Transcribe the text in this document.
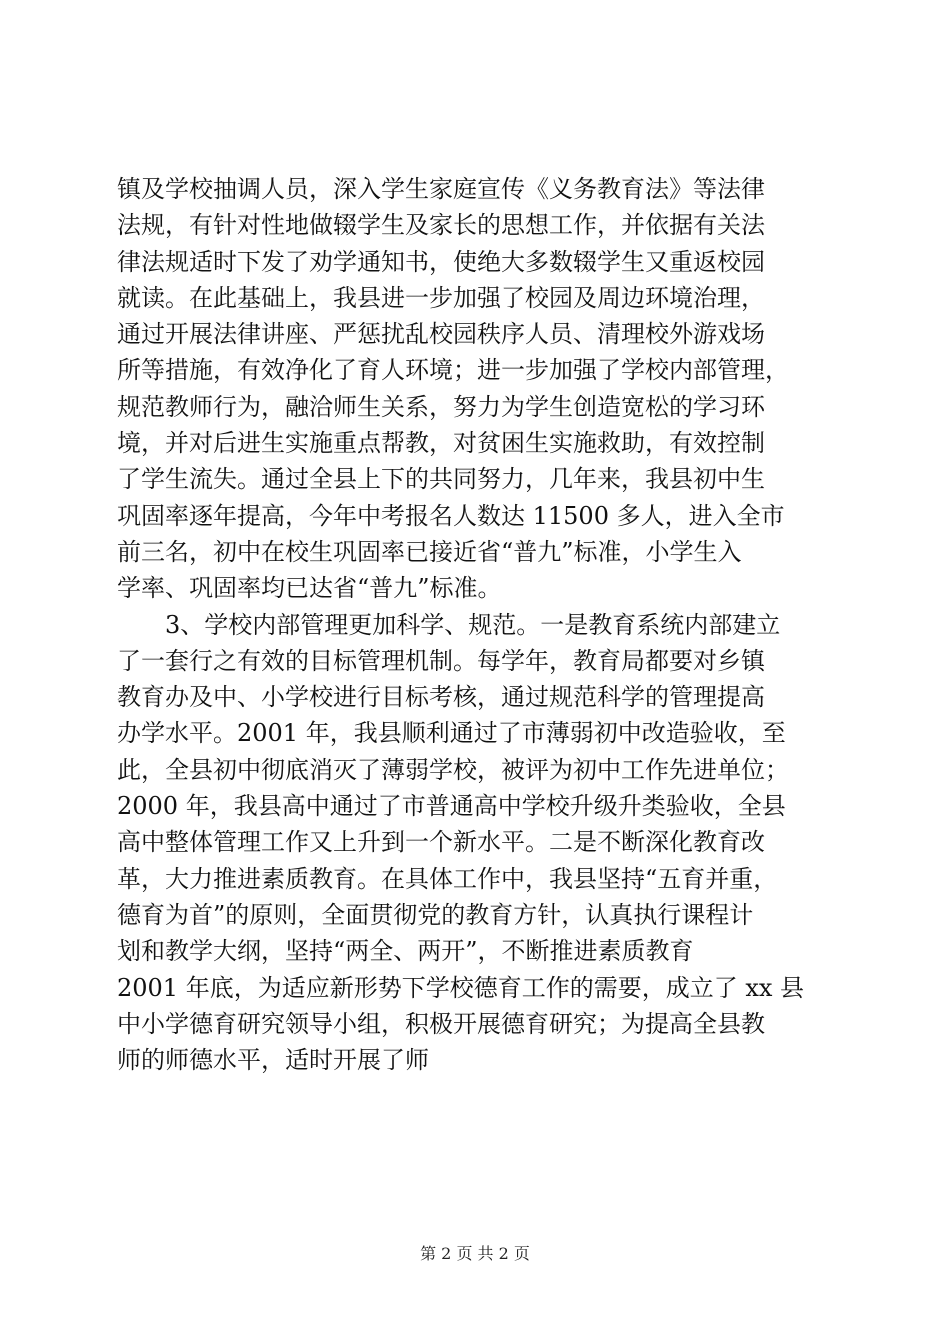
镇及学校抽调人员，深入学生家庭宣传《义务教育法》等法律
法规，有针对性地做辍学生及家长的思想工作，并依据有关法
律法规适时下发了劝学通知书，使绝大多数辍学生又重返校园
就读。在此基础上，我县进一步加强了校园及周边环境治理，
通过开展法律讲座、严惩扰乱校园秩序人员、清理校外游戏场
所等措施，有效净化了育人环境；进一步加强了学校内部管理，
规范教师行为，融洽师生关系，努力为学生创造宽松的学习环
境，并对后进生实施重点帮教，对贫困生实施救助，有效控制
了学生流失。通过全县上下的共同努力，几年来，我县初中生
巩固率逐年提高，今年中考报名人数达 11500 多人，进入全市
前三名，初中在校生巩固率已接近省“普九”标准，小学生入
学率、巩固率均已达省“普九”标准。
3、学校内部管理更加科学、规范。一是教育系统内部建立
了一套行之有效的目标管理机制。每学年，教育局都要对乡镇
教育办及中、小学校进行目标考核，通过规范科学的管理提高
办学水平。2001 年，我县顺利通过了市薄弱初中改造验收，至
此，全县初中彻底消灭了薄弱学校，被评为初中工作先进单位；
2000 年，我县高中通过了市普通高中学校升级升类验收，全县
高中整体管理工作又上升到一个新水平。二是不断深化教育改
革，大力推进素质教育。在具体工作中，我县坚持“五育并重，
德育为首”的原则，全面贯彻党的教育方针，认真执行课程计
划和教学大纲，坚持“两全、两开”，不断推进素质教育
2001 年底，为适应新形势下学校德育工作的需要，成立了 xx 县
中小学德育研究领导小组，积极开展德育研究；为提高全县教
师的师德水平，适时开展了师
第 2 页 共 2 页
